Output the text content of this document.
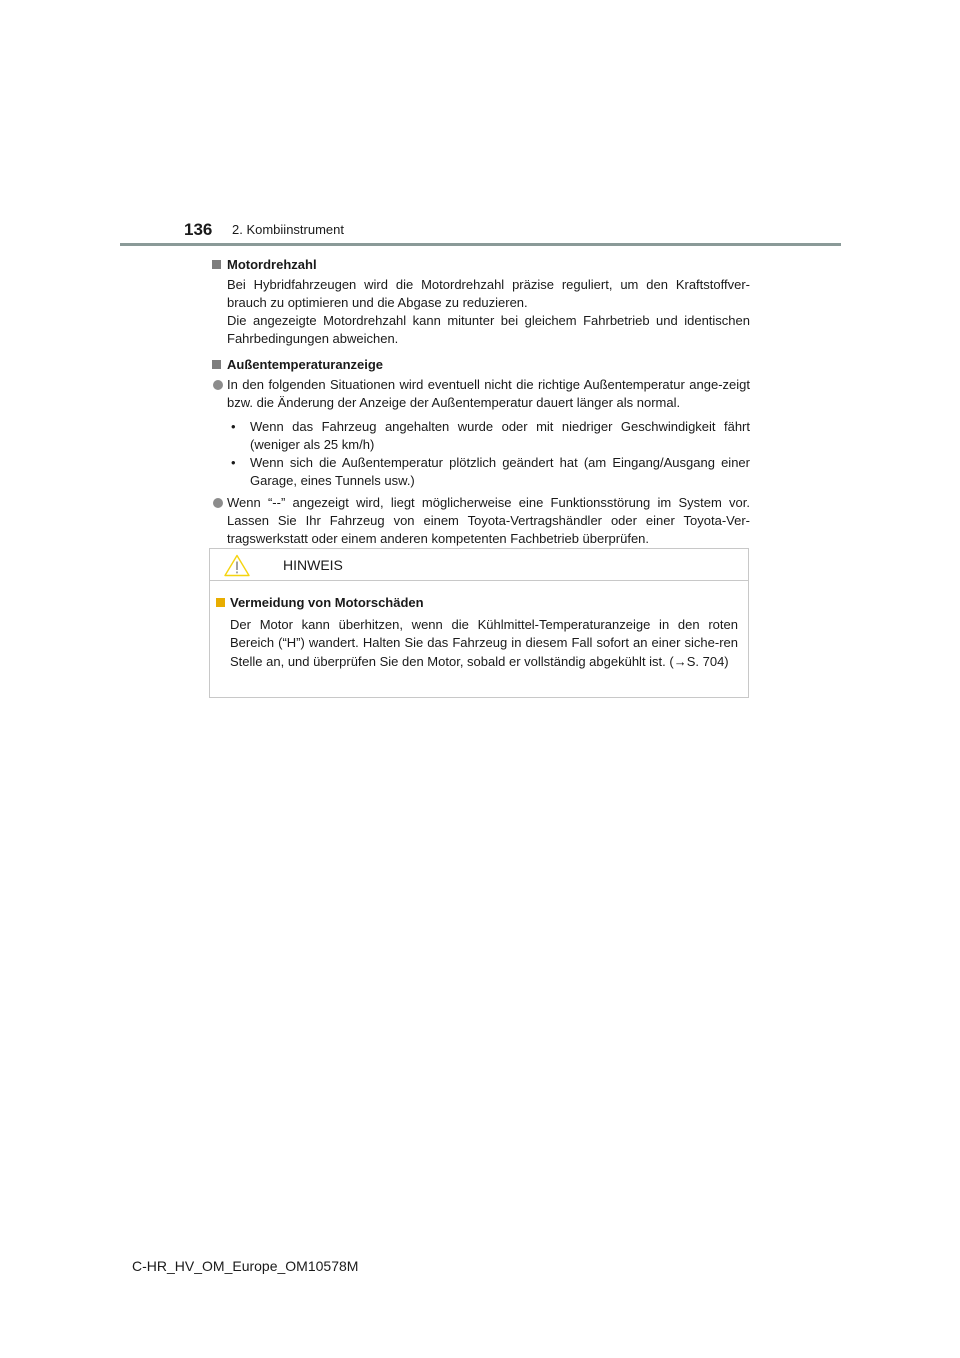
136 2. Kombiinstrument
Motordrehzahl
Bei Hybridfahrzeugen wird die Motordrehzahl präzise reguliert, um den Kraftstoffver-brauch zu optimieren und die Abgase zu reduzieren.
Die angezeigte Motordrehzahl kann mitunter bei gleichem Fahrbetrieb und identischen Fahrbedingungen abweichen.
Außentemperaturanzeige
In den folgenden Situationen wird eventuell nicht die richtige Außentemperatur ange-zeigt bzw. die Änderung der Anzeige der Außentemperatur dauert länger als normal.
• Wenn das Fahrzeug angehalten wurde oder mit niedriger Geschwindigkeit fährt (weniger als 25 km/h)
• Wenn sich die Außentemperatur plötzlich geändert hat (am Eingang/Ausgang einer Garage, eines Tunnels usw.)
Wenn “--” angezeigt wird, liegt möglicherweise eine Funktionsstörung im System vor. Lassen Sie Ihr Fahrzeug von einem Toyota-Vertragshändler oder einer Toyota-Ver-tragswerkstatt oder einem anderen kompetenten Fachbetrieb überprüfen.
HINWEIS
Vermeidung von Motorschäden
Der Motor kann überhitzen, wenn die Kühlmittel-Temperaturanzeige in den roten Bereich (“H”) wandert. Halten Sie das Fahrzeug in diesem Fall sofort an einer siche-ren Stelle an, und überprüfen Sie den Motor, sobald er vollständig abgekühlt ist. (→S. 704)
C-HR_HV_OM_Europe_OM10578M
